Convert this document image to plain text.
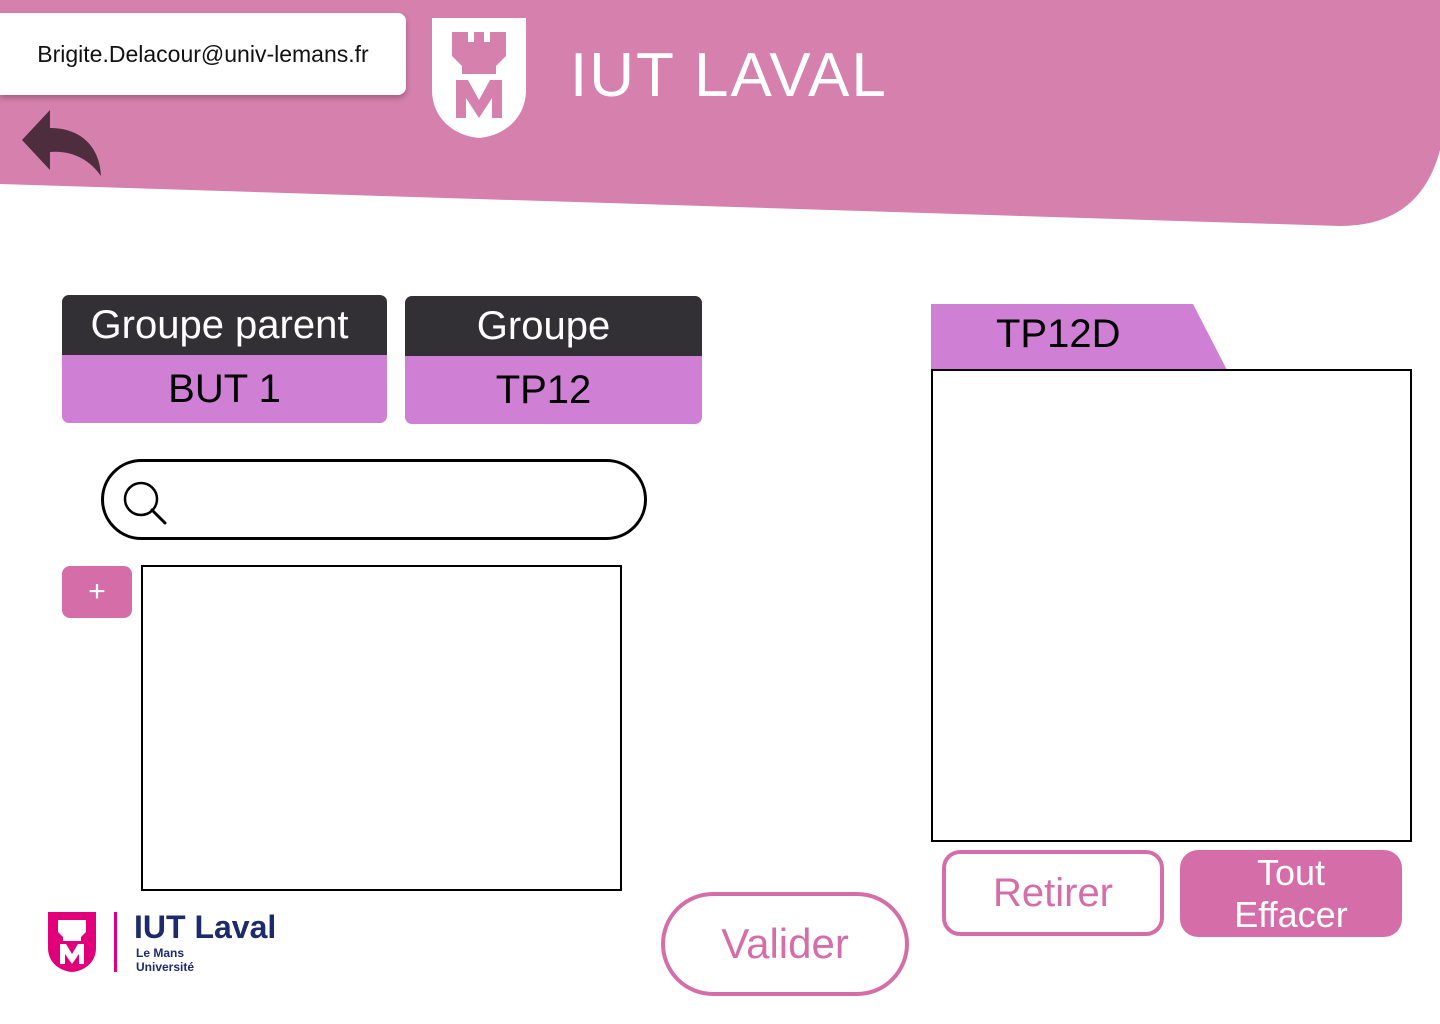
Brigite.Delacour@univ-lemans.fr	IUT LAVAL
Groupe parent
BUT 1
Groupe
TP12
+
TP12D
Retirer	Tout
Effacer
Valider
IUT Laval
Le Mans
Université
